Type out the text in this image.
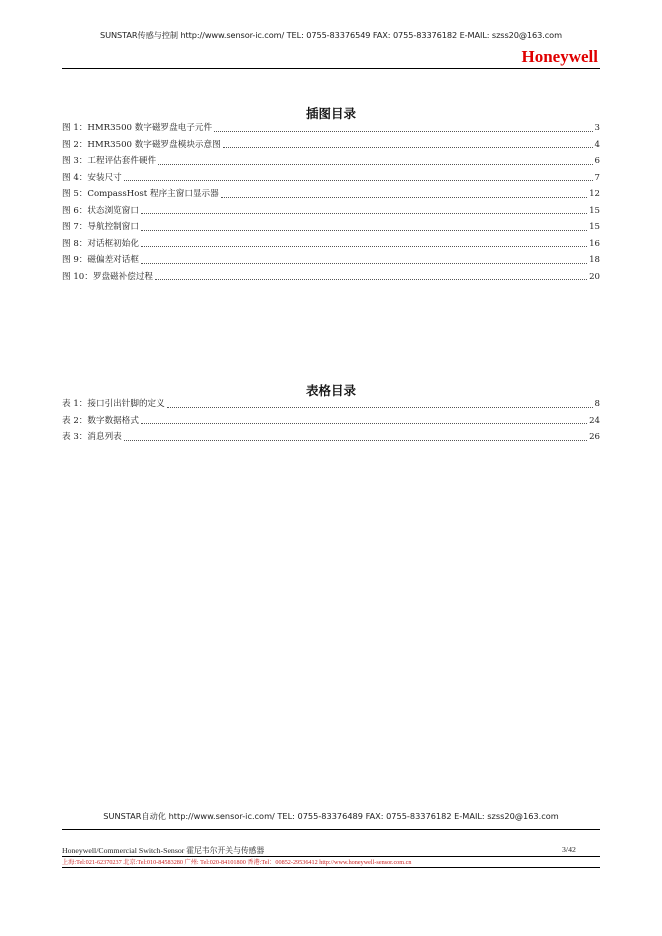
SUNSTAR传感与控制 http://www.sensor-ic.com/ TEL: 0755-83376549 FAX: 0755-83376182 E-MAIL: szss20@163.com
Honeywell
插图目录
图 1：HMR3500 数字磁罗盘电子元件	3
图 2：HMR3500 数字磁罗盘模块示意图	4
图 3：工程评估套件硬件	6
图 4：安装尺寸	7
图 5：CompassHost 程序主窗口显示器	12
图 6：状态浏览窗口	15
图 7：导航控制窗口	15
图 8：对话框初始化	16
图 9：磁偏差对话框	18
图 10：罗盘磁补偿过程	20
表格目录
表 1：接口引出针脚的定义	8
表 2：数字数据格式	24
表 3：消息列表	26
SUNSTAR自动化 http://www.sensor-ic.com/ TEL: 0755-83376489 FAX: 0755-83376182 E-MAIL: szss20@163.com
Honeywell/Commercial Switch-Sensor 霍尼韦尔开关与传感器	3/42
上海:Tel:021-62370237 北京:Tel:010-84583280 广州: Tel:020-84101800 香港:Tel：00852-29536412 http://www.honeywell-sensor.com.cn
